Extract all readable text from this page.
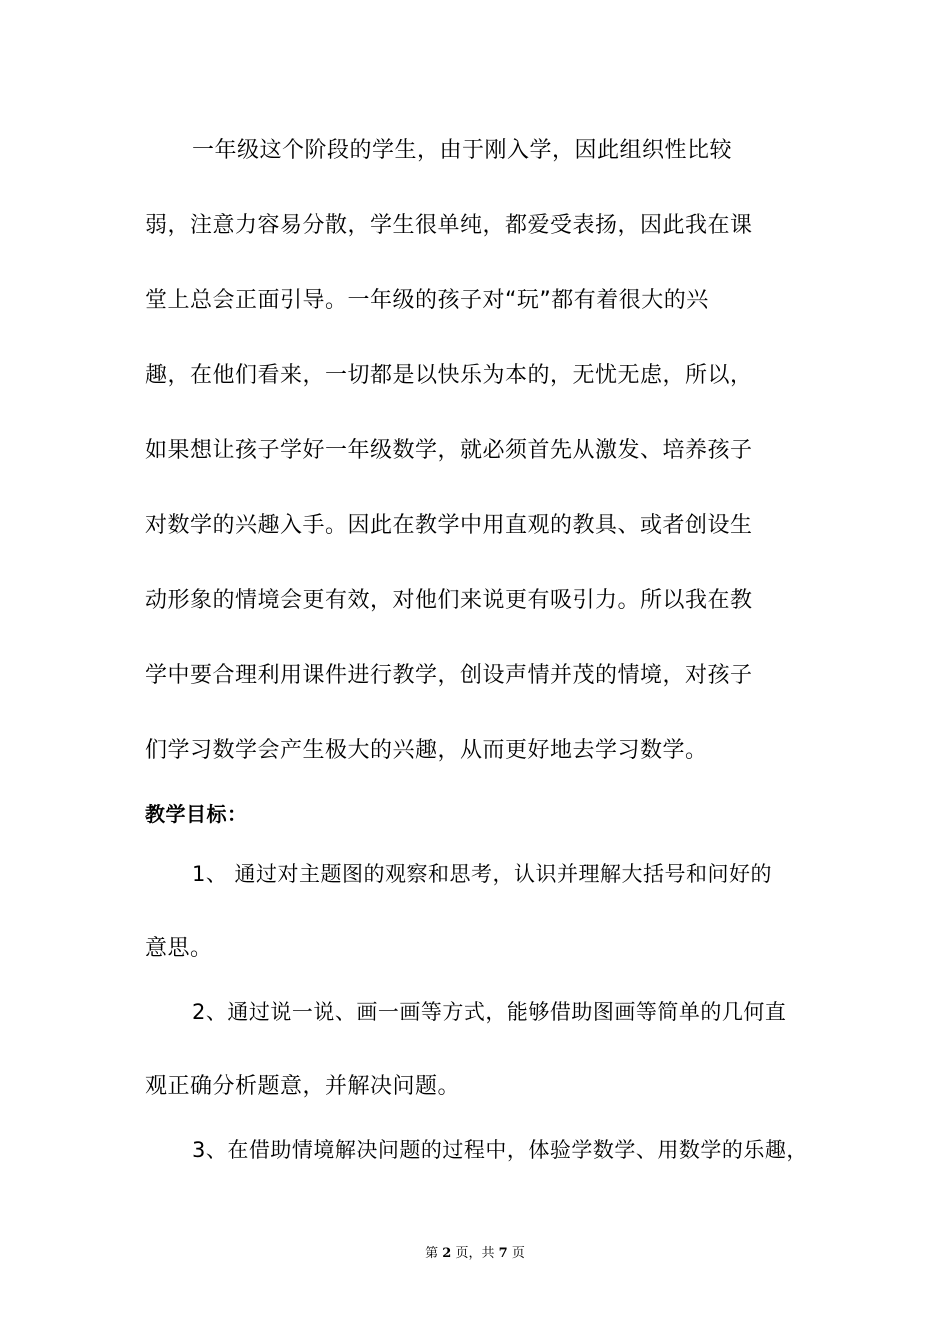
一年级这个阶段的学生，由于刚入学，因此组织性比较
弱，注意力容易分散，学生很单纯，都爱受表扬，因此我在课
堂上总会正面引导。一年级的孩子对“玩”都有着很大的兴
趣，在他们看来，一切都是以快乐为本的，无忧无虑，所以，
如果想让孩子学好一年级数学，就必须首先从激发、培养孩子
对数学的兴趣入手。因此在教学中用直观的教具、或者创设生
动形象的情境会更有效，对他们来说更有吸引力。所以我在教
学中要合理利用课件进行教学，创设声情并茂的情境，对孩子
们学习数学会产生极大的兴趣，从而更好地去学习数学。
教学目标：
1、 通过对主题图的观察和思考，认识并理解大括号和问好的
意思。
2、通过说一说、画一画等方式，能够借助图画等简单的几何直
观正确分析题意，并解决问题。
3、在借助情境解决问题的过程中，体验学数学、用数学的乐趣，
第 2 页，共 7 页
